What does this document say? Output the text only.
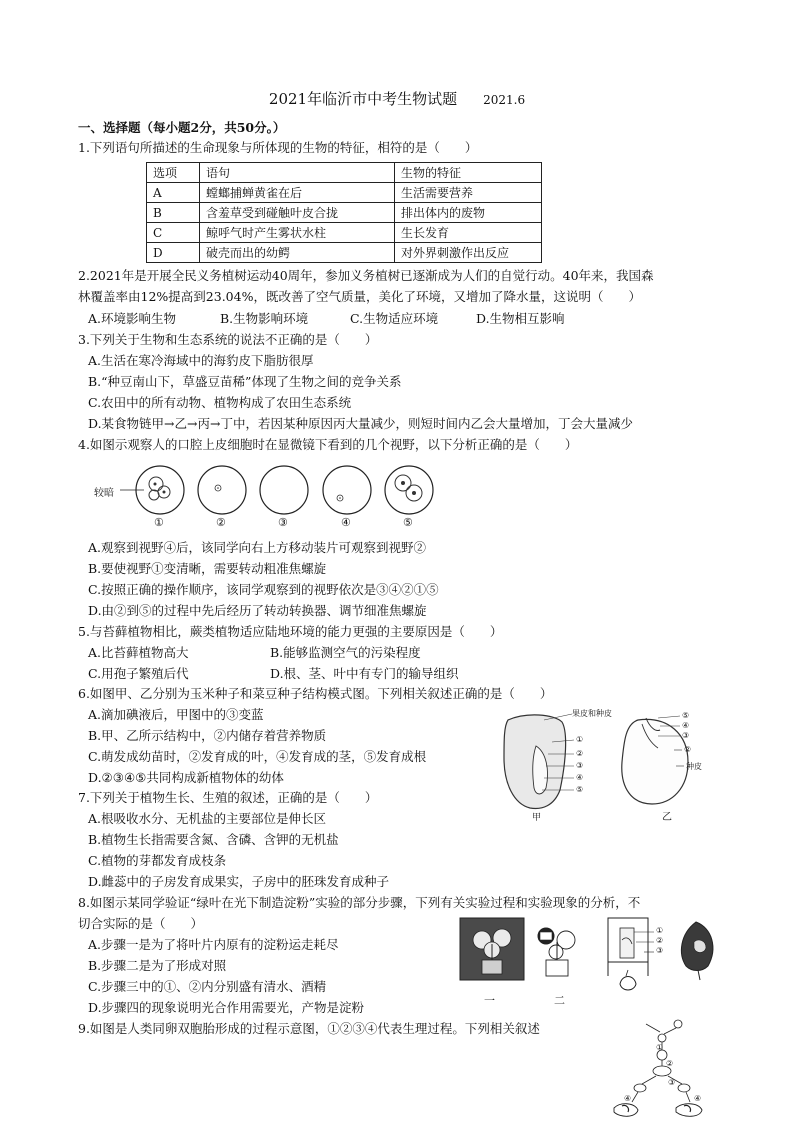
2021年临沂市中考生物试题 2021.6
一、选择题（每小题2分，共50分。）
1.下列语句所描述的生命现象与所体现的生物的特征，相符的是（　　）
选项	语句	生物的特征
A	螳螂捕蝉黄雀在后	生活需要营养
B	含羞草受到碰触叶皮合拢	排出体内的废物
C	鲸呼气时产生雾状水柱	生长发育
D	破壳而出的幼鳄	对外界刺激作出反应
2.2021年是开展全民义务植树运动40周年，参加义务植树已逐渐成为人们的自觉行动。40年来，我国森
林覆盖率由12%提高到23.04%，既改善了空气质量，美化了环境，又增加了降水量，这说明（　　）
A.环境影响生物	B.生物影响环境	C.生物适应环境	D.生物相互影响
3.下列关于生物和生态系统的说法不正确的是（　　）
A.生活在寒冷海域中的海豹皮下脂肪很厚
B.“种豆南山下，草盛豆苗稀”体现了生物之间的竞争关系
C.农田中的所有动物、植物构成了农田生态系统
D.某食物链甲→乙→丙→丁中，若因某种原因丙大量减少，则短时间内乙会大量增加，丁会大量减少
4.如图示观察人的口腔上皮细胞时在显微镜下看到的几个视野，以下分析正确的是（　　）
较暗
①	②	③	④	⑤
A.观察到视野④后，该同学向右上方移动装片可观察到视野②
B.要使视野①变清晰，需要转动粗准焦螺旋
C.按照正确的操作顺序，该同学观察到的视野依次是③④②①⑤
D.由②到⑤的过程中先后经历了转动转换器、调节细准焦螺旋
5.与苔藓植物相比，蕨类植物适应陆地环境的能力更强的主要原因是（　　）
A.比苔藓植物高大	B.能够监测空气的污染程度
C.用孢子繁殖后代	D.根、茎、叶中有专门的输导组织
6.如图甲、乙分别为玉米种子和菜豆种子结构模式图。下列相关叙述正确的是（　　）
A.滴加碘液后，甲图中的③变蓝
B.甲、乙所示结构中，②内储存着营养物质
C.萌发成幼苗时，②发育成的叶，④发育成的茎，⑤发育成根
D.②③④⑤共同构成新植物体的幼体
果皮和种皮
①
②
③
④
⑤
⑤
④
③
②
种皮
甲	乙
7.下列关于植物生长、生殖的叙述，正确的是（　　）
A.根吸收水分、无机盐的主要部位是伸长区
B.植物生长指需要含氮、含磷、含钾的无机盐
C.植物的芽都发育成枝条
D.雌蕊中的子房发育成果实，子房中的胚珠发育成种子
8.如图示某同学验证“绿叶在光下制造淀粉”实验的部分步骤，下列有关实验过程和实验现象的分析，不
切合实际的是（　　）
A.步骤一是为了将叶片内原有的淀粉运走耗尽
B.步骤二是为了形成对照
C.步骤三中的①、②内分别盛有清水、酒精
D.步骤四的现象说明光合作用需要光，产物是淀粉
①
②
③
一	二
9.如图是人类同卵双胞胎形成的过程示意图，①②③④代表生理过程。下列相关叙述
①
②
③
④	④
